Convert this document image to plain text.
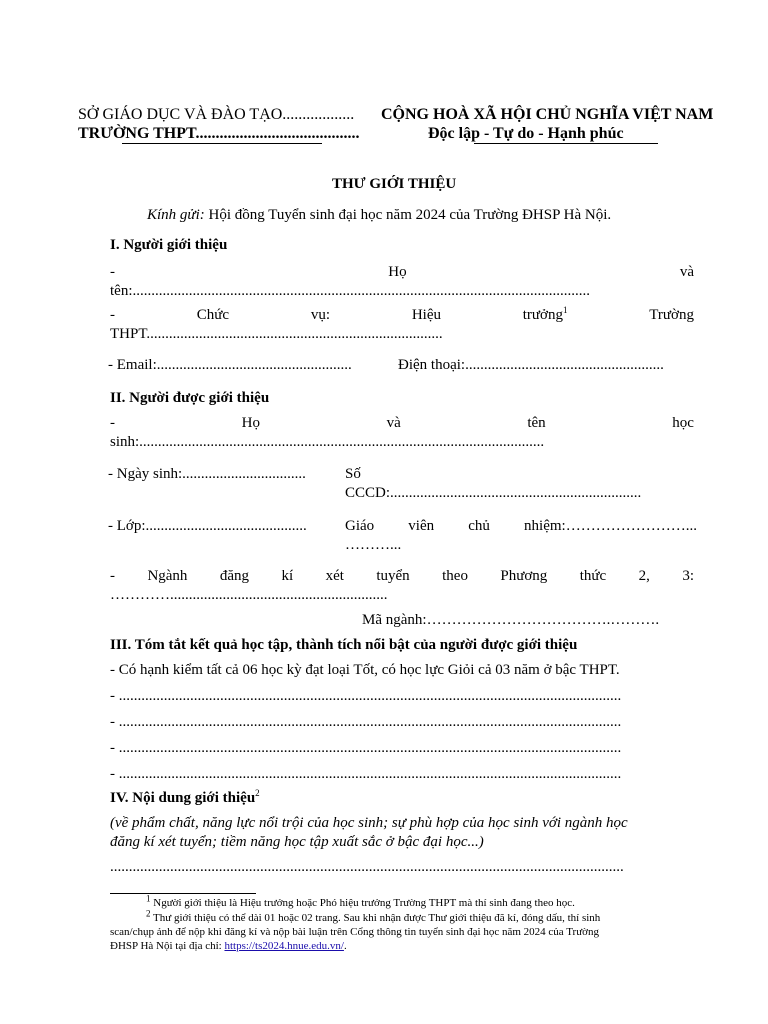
SỞ GIÁO DỤC VÀ ĐÀO TẠO..................
TRƯỜNG THPT.........................................
CỘNG HOÀ XÃ HỘI CHỦ NGHĨA VIỆT NAM
Độc lập - Tự do - Hạnh phúc
THƯ GIỚI THIỆU
Kính gửi: Hội đồng Tuyển sinh đại học năm 2024 của Trường ĐHSP Hà Nội.
I. Người giới thiệu
-	Họ	và
tên:..........................................................................................................................
-	Chức	vụ:	Hiệu	trưởng$^1$	Trường
THPT...............................................................................
- Email:....................................................	Điện thoại:.....................................................
II. Người được giới thiệu
-	Họ	và	tên	học
sinh:............................................................................................................
- Ngày sinh:.................................	Số
CCCD:...................................................................
- Lớp:...........................................	Giáo viên chủ nhiệm:……………………...
………...
- Ngành đăng kí xét tuyển theo Phương thức 2, 3:
…………..........................................................
Mã ngành:……………………………….……….
III. Tóm tắt kết quả học tập, thành tích nổi bật của người được giới thiệu
- Có hạnh kiểm tất cả 06 học kỳ đạt loại Tốt, có học lực Giỏi cả 03 năm ở bậc THPT.
- ......................................................................................................................................
- ......................................................................................................................................
- ......................................................................................................................................
- ......................................................................................................................................
IV. Nội dung giới thiệu$^2$
(về phẩm chất, năng lực nổi trội của học sinh; sự phù hợp của học sinh với ngành học
đăng kí xét tuyển; tiềm năng học tập xuất sắc ở bậc đại học...)
.........................................................................................................................................
$^1$ Người giới thiệu là Hiệu trưởng hoặc Phó hiệu trưởng Trường THPT mà thí sinh đang theo học.
$^2$ Thư giới thiệu có thể dài 01 hoặc 02 trang. Sau khi nhận được Thư giới thiệu đã kí, đóng dấu, thí sinh
scan/chụp ảnh để nộp khi đăng kí và nộp bài luận trên Cổng thông tin tuyển sinh đại học năm 2024 của Trường
ĐHSP Hà Nội tại địa chỉ: https://ts2024.hnue.edu.vn/.
